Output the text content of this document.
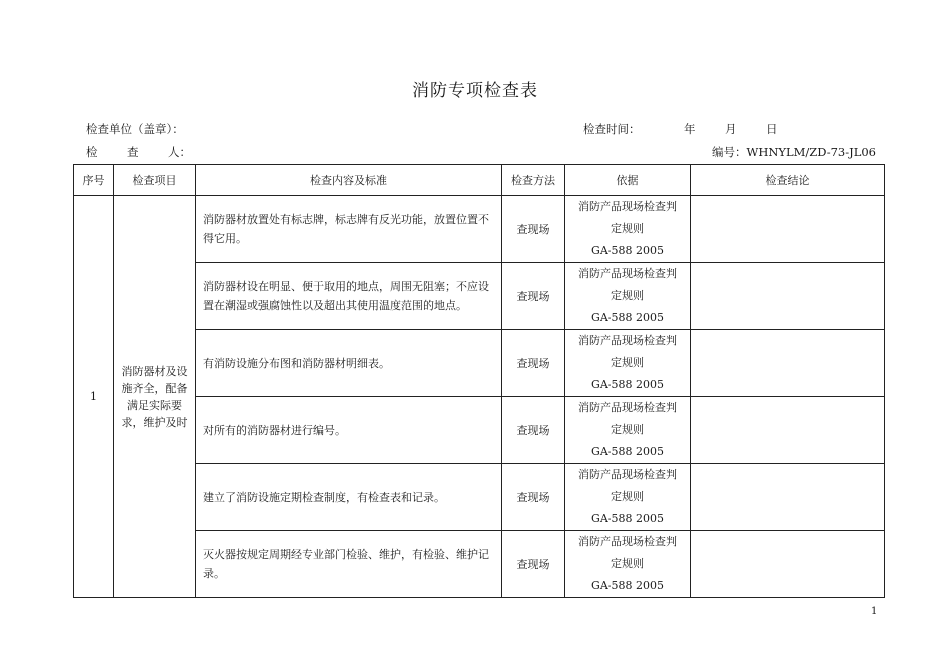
消防专项检查表
检查单位（盖章）：	检查时间：	年	月	日
检	查	人：	编号：WHNYLM/ZD-73-JL06
序号	检查项目	检查内容及标准	检查方法	依据	检查结论
1	消防器材及设施齐全，配备满足实际要求，维护及时	消防器材放置处有标志牌，标志牌有反光功能，放置位置不得它用。	查现场	消防产品现场检查判
定规则
GA-588 2005	

		消防器材设在明显、便于取用的地点，周围无阻塞；不应设置在潮湿或强腐蚀性以及超出其使用温度范围的地点。	查现场	消防产品现场检查判
定规则
GA-588 2005	

		有消防设施分布图和消防器材明细表。	查现场	消防产品现场检查判
定规则
GA-588 2005	

		对所有的消防器材进行编号。	查现场	消防产品现场检查判
定规则
GA-588 2005	

		建立了消防设施定期检查制度，有检查表和记录。	查现场	消防产品现场检查判
定规则
GA-588 2005	

		灭火器按规定周期经专业部门检验、维护，有检验、维护记录。	查现场	消防产品现场检查判
定规则
GA-588 2005	

1
